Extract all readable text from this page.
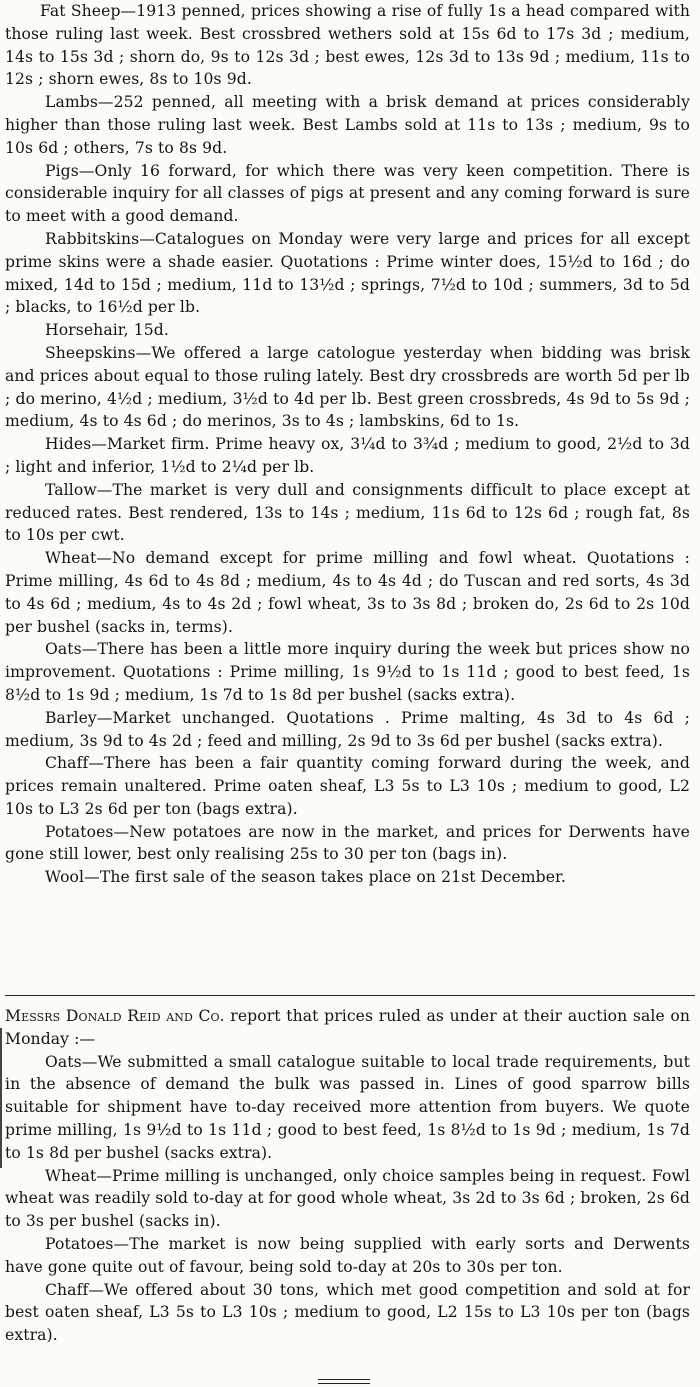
Fat Sheep—1913 penned, prices showing a rise of fully 1s a head compared with those ruling last week. Best crossbred wethers sold at 15s 6d to 17s 3d ; medium, 14s to 15s 3d ; shorn do, 9s to 12s 3d ; best ewes, 12s 3d to 13s 9d ; medium, 11s to 12s ; shorn ewes, 8s to 10s 9d.

Lambs—252 penned, all meeting with a brisk demand at prices considerably higher than those ruling last week. Best Lambs sold at 11s to 13s ; medium, 9s to 10s 6d ; others, 7s to 8s 9d.

Pigs—Only 16 forward, for which there was very keen competition. There is considerable inquiry for all classes of pigs at present and any coming forward is sure to meet with a good demand.

Rabbitskins—Catalogues on Monday were very large and prices for all except prime skins were a shade easier. Quotations : Prime winter does, 15½d to 16d ; do mixed, 14d to 15d ; medium, 11d to 13½d ; springs, 7½d to 10d ; summers, 3d to 5d ; blacks, to 16½d per lb.

Horsehair, 15d.

Sheepskins—We offered a large catologue yesterday when bidding was brisk and prices about equal to those ruling lately. Best dry crossbreds are worth 5d per lb ; do merino, 4½d ; medium, 3½d to 4d per lb. Best green crossbreds, 4s 9d to 5s 9d ; medium, 4s to 4s 6d ; do merinos, 3s to 4s ; lambskins, 6d to 1s.

Hides—Market firm. Prime heavy ox, 3¼d to 3¾d ; medium to good, 2½d to 3d ; light and inferior, 1½d to 2¼d per lb.

Tallow—The market is very dull and consignments difficult to place except at reduced rates. Best rendered, 13s to 14s ; medium, 11s 6d to 12s 6d ; rough fat, 8s to 10s per cwt.

Wheat—No demand except for prime milling and fowl wheat. Quotations : Prime milling, 4s 6d to 4s 8d ; medium, 4s to 4s 4d ; do Tuscan and red sorts, 4s 3d to 4s 6d ; medium, 4s to 4s 2d ; fowl wheat, 3s to 3s 8d ; broken do, 2s 6d to 2s 10d per bushel (sacks in, terms).

Oats—There has been a little more inquiry during the week but prices show no improvement. Quotations : Prime milling, 1s 9½d to 1s 11d ; good to best feed, 1s 8½d to 1s 9d ; medium, 1s 7d to 1s 8d per bushel (sacks extra).

Barley—Market unchanged. Quotations . Prime malting, 4s 3d to 4s 6d ; medium, 3s 9d to 4s 2d ; feed and milling, 2s 9d to 3s 6d per bushel (sacks extra).

Chaff—There has been a fair quantity coming forward during the week, and prices remain unaltered. Prime oaten sheaf, L3 5s to L3 10s ; medium to good, L2 10s to L3 2s 6d per ton (bags extra).

Potatoes—New potatoes are now in the market, and prices for Derwents have gone still lower, best only realising 25s to 30 per ton (bags in).

Wool—The first sale of the season takes place on 21st December.

Messrs Donald Reid and Co. report that prices ruled as under at their auction sale on Monday :—

Oats—We submitted a small catalogue suitable to local trade requirements, but in the absence of demand the bulk was passed in. Lines of good sparrow bills suitable for shipment have to-day received more attention from buyers. We quote prime milling, 1s 9½d to 1s 11d ; good to best feed, 1s 8½d to 1s 9d ; medium, 1s 7d to 1s 8d per bushel (sacks extra).

Wheat—Prime milling is unchanged, only choice samples being in request. Fowl wheat was readily sold to-day at for good whole wheat, 3s 2d to 3s 6d ; broken, 2s 6d to 3s per bushel (sacks in).

Potatoes—The market is now being supplied with early sorts and Derwents have gone quite out of favour, being sold to-day at 20s to 30s per ton.

Chaff—We offered about 30 tons, which met good competition and sold at for best oaten sheaf, L3 5s to L3 10s ; medium to good, L2 15s to L3 10s per ton (bags extra).
